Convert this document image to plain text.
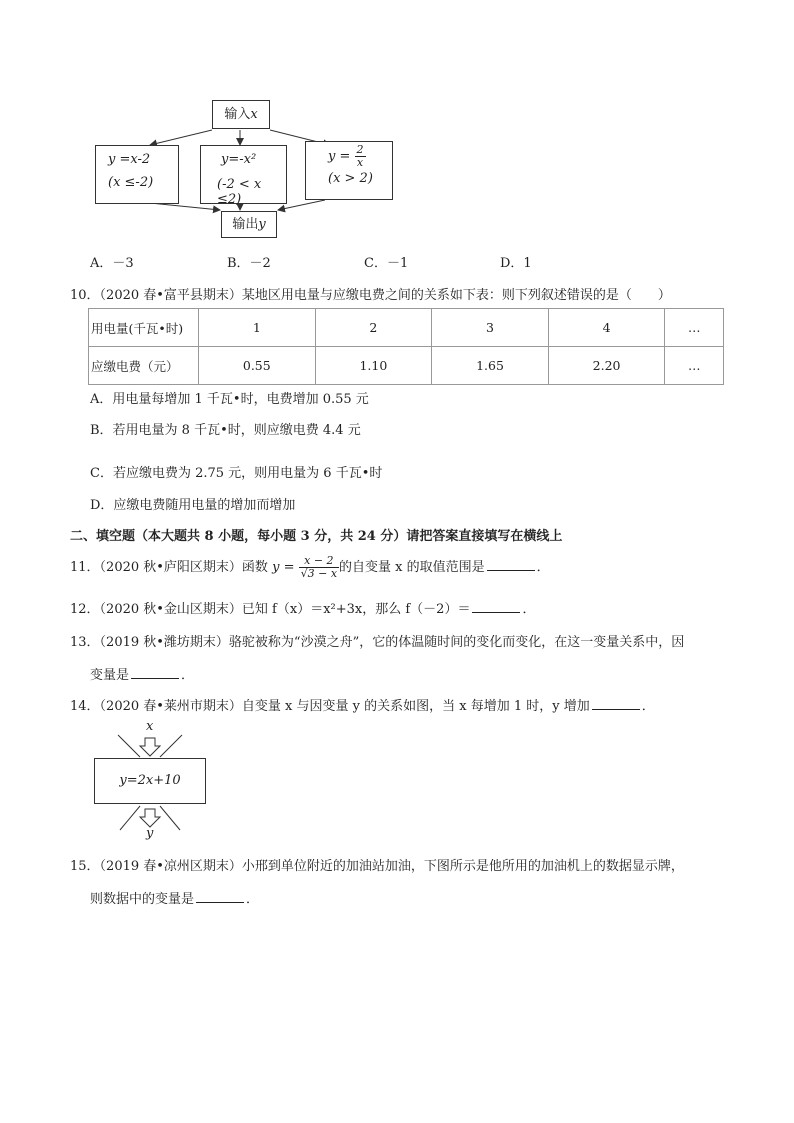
输入x
y =x-2
(x ≤-2)
y=-x²
(-2 < x ≤2)
$y = \frac{2}{x}$
(x > 2)
输出y
A．－3	B．－2	C．－1	D．1
10．（2020 春•富平县期末）某地区用电量与应缴电费之间的关系如下表：则下列叙述错误的是（　　）
用电量(千瓦•时)	1	2	3	4	…
应缴电费（元）	0.55	1.10	1.65	2.20	…
A．用电量每增加 1 千瓦•时，电费增加 0.55 元
B．若用电量为 8 千瓦•时，则应缴电费 4.4 元
C．若应缴电费为 2.75 元，则用电量为 6 千瓦•时
D．应缴电费随用电量的增加而增加
二、填空题（本大题共 8 小题，每小题 3 分，共 24 分）请把答案直接填写在横线上
11．（2020 秋•庐阳区期末）函数 $y = \frac{x - 2}{√3 - x}$ 的自变量 x 的取值范围是	．
12．（2020 秋•金山区期末）已知 f（x）＝x²+3x，那么 f（－2）＝	．
13．（2019 秋•潍坊期末）骆驼被称为“沙漠之舟”，它的体温随时间的变化而变化，在这一变量关系中，因
变量是	．
14．（2020 春•莱州市期末）自变量 x 与因变量 y 的关系如图，当 x 每增加 1 时，y 增加	．
x
y=2x+10
y
15．（2019 春•凉州区期末）小邢到单位附近的加油站加油，下图所示是他所用的加油机上的数据显示牌，
则数据中的变量是	．
